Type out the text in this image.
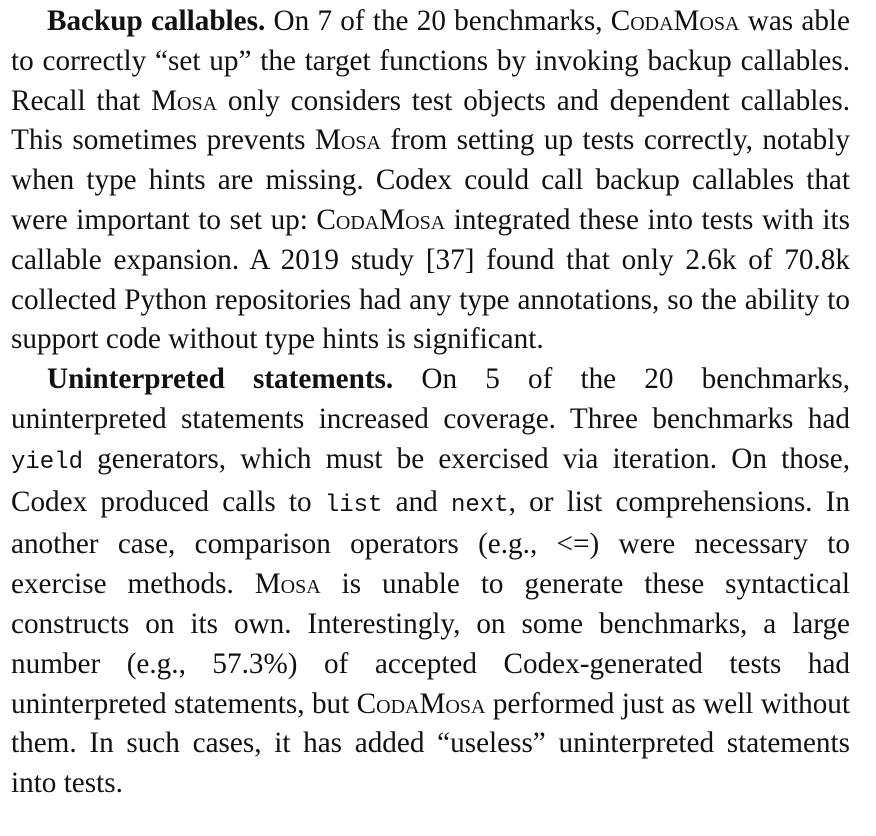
Backup callables. On 7 of the 20 benchmarks, CodaMosa was able to correctly “set up” the target functions by invoking backup callables. Recall that Mosa only considers test objects and dependent callables. This sometimes prevents Mosa from setting up tests correctly, notably when type hints are missing. Codex could call backup callables that were important to set up: CodaMosa integrated these into tests with its callable expansion. A 2019 study [37] found that only 2.6k of 70.8k collected Python repositories had any type annotations, so the ability to support code without type hints is significant.

Uninterpreted statements. On 5 of the 20 benchmarks, uninterpreted statements increased coverage. Three benchmarks had yield generators, which must be exercised via iteration. On those, Codex produced calls to list and next, or list comprehensions. In another case, comparison operators (e.g., <=) were necessary to exercise methods. Mosa is unable to generate these syntactical constructs on its own. Interestingly, on some benchmarks, a large number (e.g., 57.3%) of accepted Codex-generated tests had uninterpreted statements, but CodaMosa performed just as well without them. In such cases, it has added “useless” uninterpreted statements into tests.
